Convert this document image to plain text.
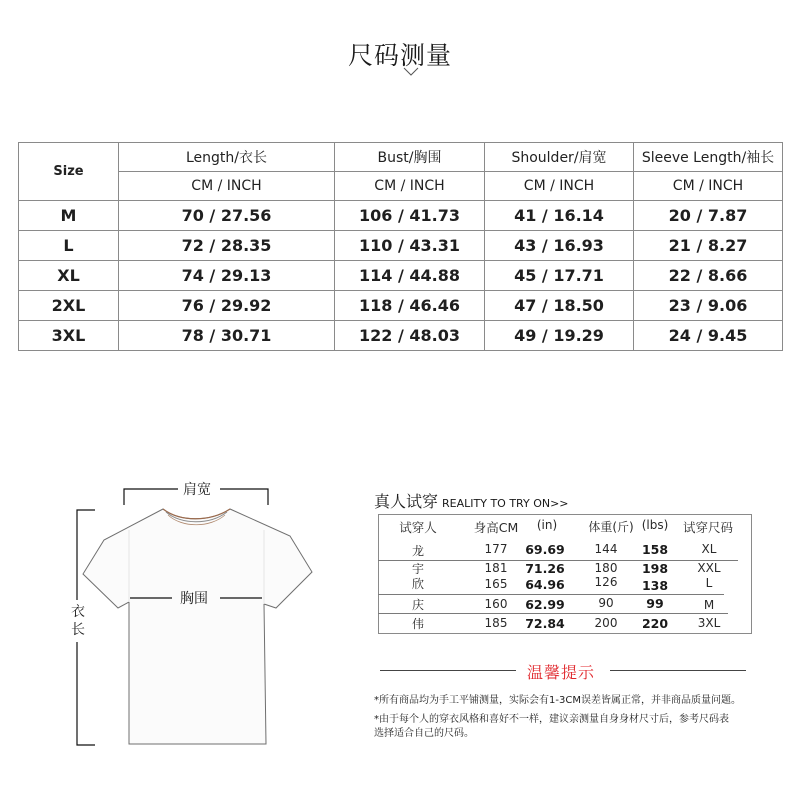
尺码测量
Size	Length/衣长	Bust/胸围	Shoulder/肩宽	Sleeve Length/袖长
	CM / INCH	CM / INCH	CM / INCH	CM / INCH
M	70 / 27.56	106 / 41.73	41 / 16.14	20 / 7.87
L	72 / 28.35	110 / 43.31	43 / 16.93	21 / 8.27
XL	74 / 29.13	114 / 44.88	45 / 17.71	22 / 8.66
2XL	76 / 29.92	118 / 46.46	47 / 18.50	23 / 9.06
3XL	78 / 30.71	122 / 48.03	49 / 19.29	24 / 9.45
肩宽
胸围
衣
长
真人试穿 REALITY TO TRY ON>>
试穿人	身高CM	(in)	体重(斤) (lbs)	试穿尺码
龙	177	69.69	144	158	XL
宇	181	71.26	180	198	XXL
欣	165	64.96	126	138	L
庆	160	62.99	90	99	M
伟	185	72.84	200	220	3XL
温馨提示
*所有商品均为手工平铺测量，实际会有1-3CM误差皆属正常，并非商品质量问题。
*由于每个人的穿衣风格和喜好不一样，建议亲测量自身身材尺寸后，参考尺码表
选择适合自己的尺码。
